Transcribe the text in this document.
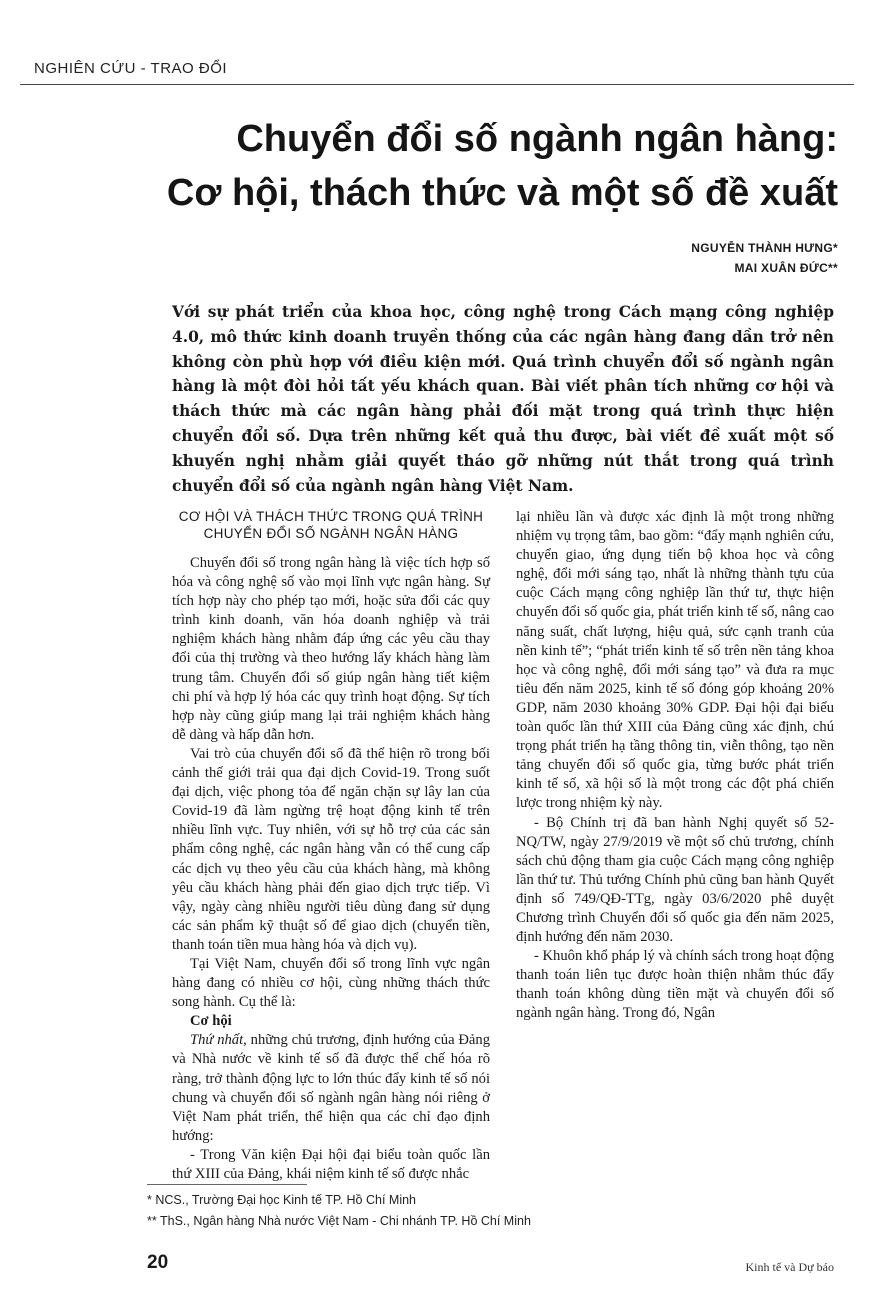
NGHIÊN CỨU - TRAO ĐỔI
Chuyển đổi số ngành ngân hàng:
Cơ hội, thách thức và một số đề xuất
NGUYỄN THÀNH HƯNG*
MAI XUÂN ĐỨC**

Với sự phát triển của khoa học, công nghệ trong Cách mạng công nghiệp 4.0, mô thức kinh doanh truyền thống của các ngân hàng đang dần trở nên không còn phù hợp với điều kiện mới. Quá trình chuyển đổi số ngành ngân hàng là một đòi hỏi tất yếu khách quan. Bài viết phân tích những cơ hội và thách thức mà các ngân hàng phải đối mặt trong quá trình thực hiện chuyển đổi số. Dựa trên những kết quả thu được, bài viết đề xuất một số khuyến nghị nhằm giải quyết tháo gỡ những nút thắt trong quá trình chuyển đổi số của ngành ngân hàng Việt Nam.

CƠ HỘI VÀ THÁCH THỨC TRONG QUÁ TRÌNH CHUYỂN ĐỔI SỐ NGÀNH NGÂN HÀNG

Chuyển đổi số trong ngân hàng là việc tích hợp số hóa và công nghệ số vào mọi lĩnh vực ngân hàng. Sự tích hợp này cho phép tạo mới, hoặc sửa đổi các quy trình kinh doanh, văn hóa doanh nghiệp và trải nghiệm khách hàng nhằm đáp ứng các yêu cầu thay đổi của thị trường và theo hướng lấy khách hàng làm trung tâm. Chuyển đổi số giúp ngân hàng tiết kiệm chi phí và hợp lý hóa các quy trình hoạt động. Sự tích hợp này cũng giúp mang lại trải nghiệm khách hàng dễ dàng và hấp dẫn hơn.

Vai trò của chuyển đổi số đã thể hiện rõ trong bối cảnh thế giới trải qua đại dịch Covid-19. Trong suốt đại dịch, việc phong tỏa để ngăn chặn sự lây lan của Covid-19 đã làm ngừng trệ hoạt động kinh tế trên nhiều lĩnh vực. Tuy nhiên, với sự hỗ trợ của các sản phẩm công nghệ, các ngân hàng vẫn có thể cung cấp các dịch vụ theo yêu cầu của khách hàng, mà không yêu cầu khách hàng phải đến giao dịch trực tiếp. Vì vậy, ngày càng nhiều người tiêu dùng đang sử dụng các sản phẩm kỹ thuật số để giao dịch (chuyển tiền, thanh toán tiền mua hàng hóa và dịch vụ).

Tại Việt Nam, chuyển đổi số trong lĩnh vực ngân hàng đang có nhiều cơ hội, cùng những thách thức song hành. Cụ thể là:

Cơ hội

Thứ nhất, những chủ trương, định hướng của Đảng và Nhà nước về kinh tế số đã được thể chế hóa rõ ràng, trở thành động lực to lớn thúc đẩy kinh tế số nói chung và chuyển đổi số ngành ngân hàng nói riêng ở Việt Nam phát triển, thể hiện qua các chỉ đạo định hướng:

- Trong Văn kiện Đại hội đại biểu toàn quốc lần thứ XIII của Đảng, khái niệm kinh tế số được nhắc

lại nhiều lần và được xác định là một trong những nhiệm vụ trọng tâm, bao gồm: “đẩy mạnh nghiên cứu, chuyển giao, ứng dụng tiến bộ khoa học và công nghệ, đổi mới sáng tạo, nhất là những thành tựu của cuộc Cách mạng công nghiệp lần thứ tư, thực hiện chuyển đổi số quốc gia, phát triển kinh tế số, nâng cao năng suất, chất lượng, hiệu quả, sức cạnh tranh của nền kinh tế”; “phát triển kinh tế số trên nền tảng khoa học và công nghệ, đổi mới sáng tạo” và đưa ra mục tiêu đến năm 2025, kinh tế số đóng góp khoảng 20% GDP, năm 2030 khoảng 30% GDP. Đại hội đại biểu toàn quốc lần thứ XIII của Đảng cũng xác định, chú trọng phát triển hạ tầng thông tin, viễn thông, tạo nền tảng chuyển đổi số quốc gia, từng bước phát triển kinh tế số, xã hội số là một trong các đột phá chiến lược trong nhiệm kỳ này.

- Bộ Chính trị đã ban hành Nghị quyết số 52-NQ/TW, ngày 27/9/2019 về một số chủ trương, chính sách chủ động tham gia cuộc Cách mạng công nghiệp lần thứ tư. Thủ tướng Chính phủ cũng ban hành Quyết định số 749/QĐ-TTg, ngày 03/6/2020 phê duyệt Chương trình Chuyển đổi số quốc gia đến năm 2025, định hướng đến năm 2030.

- Khuôn khổ pháp lý và chính sách trong hoạt động thanh toán liên tục được hoàn thiện nhằm thúc đẩy thanh toán không dùng tiền mặt và chuyển đổi số ngành ngân hàng. Trong đó, Ngân

* NCS., Trường Đại học Kinh tế TP. Hồ Chí Minh
** ThS., Ngân hàng Nhà nước Việt Nam - Chi nhánh TP. Hồ Chí Minh
20	Kinh tế và Dự báo
